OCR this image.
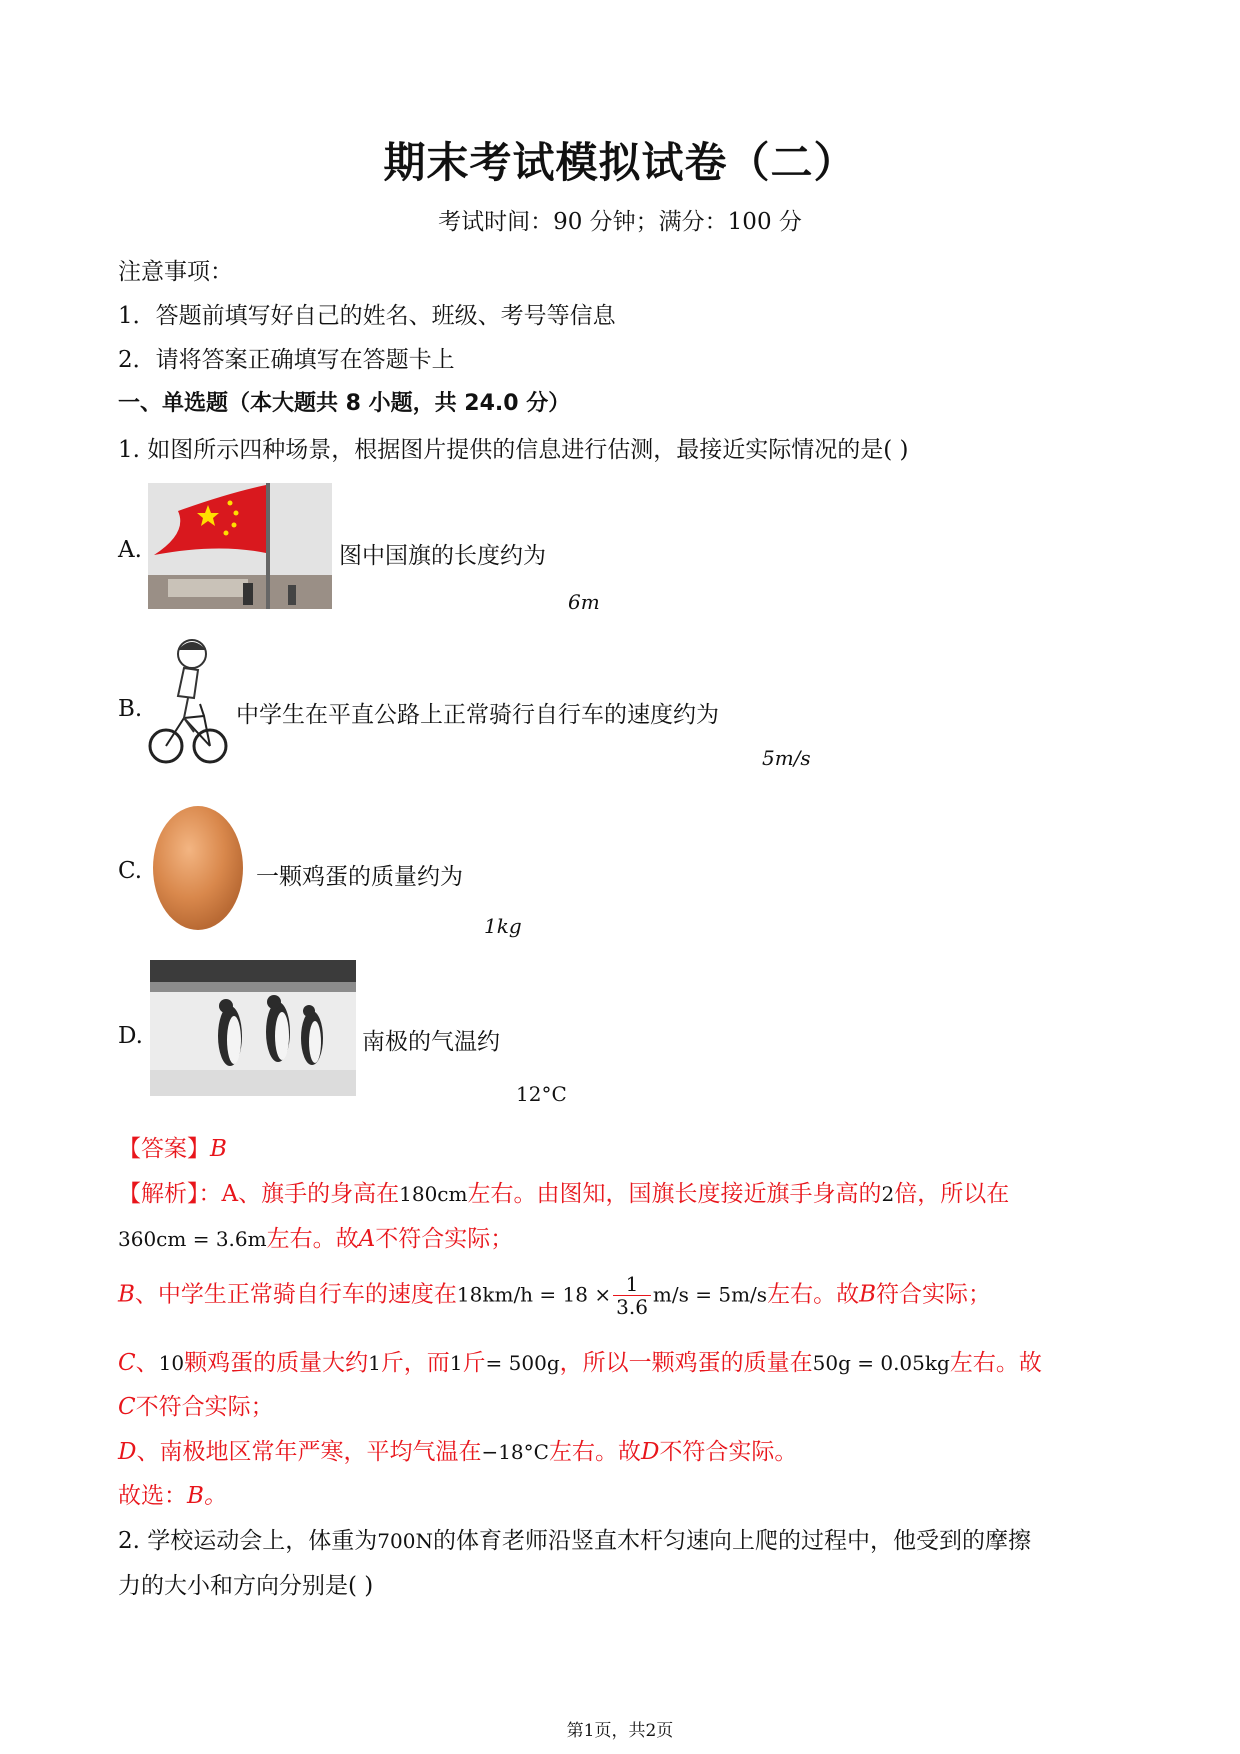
期末考试模拟试卷（二）
考试时间：90 分钟；满分：100 分
注意事项：
1．答题前填写好自己的姓名、班级、考号等信息
2．请将答案正确填写在答题卡上
一、单选题（本大题共 8 小题，共 24.0 分）
1. 如图所示四种场景，根据图片提供的信息进行估测，最接近实际情况的是( )
A.	图中国旗的长度约为
6m
B.	中学生在平直公路上正常骑行自行车的速度约为
5m/s
C.	一颗鸡蛋的质量约为
1kg
D.	南极的气温约
12°C
【答案】B
【解析】：A、旗手的身高在180cm左右。由图知，国旗长度接近旗手身高的2倍，所以在
360cm = 3.6m左右。故A不符合实际；
B、中学生正常骑自行车的速度在$18km/h = 18 \times \frac{1}{3.6} m/s = 5m/s$左右。故B符合实际；
C、10颗鸡蛋的质量大约1斤，而1斤= 500g，所以一颗鸡蛋的质量在50g = 0.05kg左右。故
C不符合实际；
D、南极地区常年严寒，平均气温在−18°C左右。故D不符合实际。
故选：B。
2. 学校运动会上，体重为700N的体育老师沿竖直木杆匀速向上爬的过程中，他受到的摩擦
力的大小和方向分别是( )
第1页，共2页
